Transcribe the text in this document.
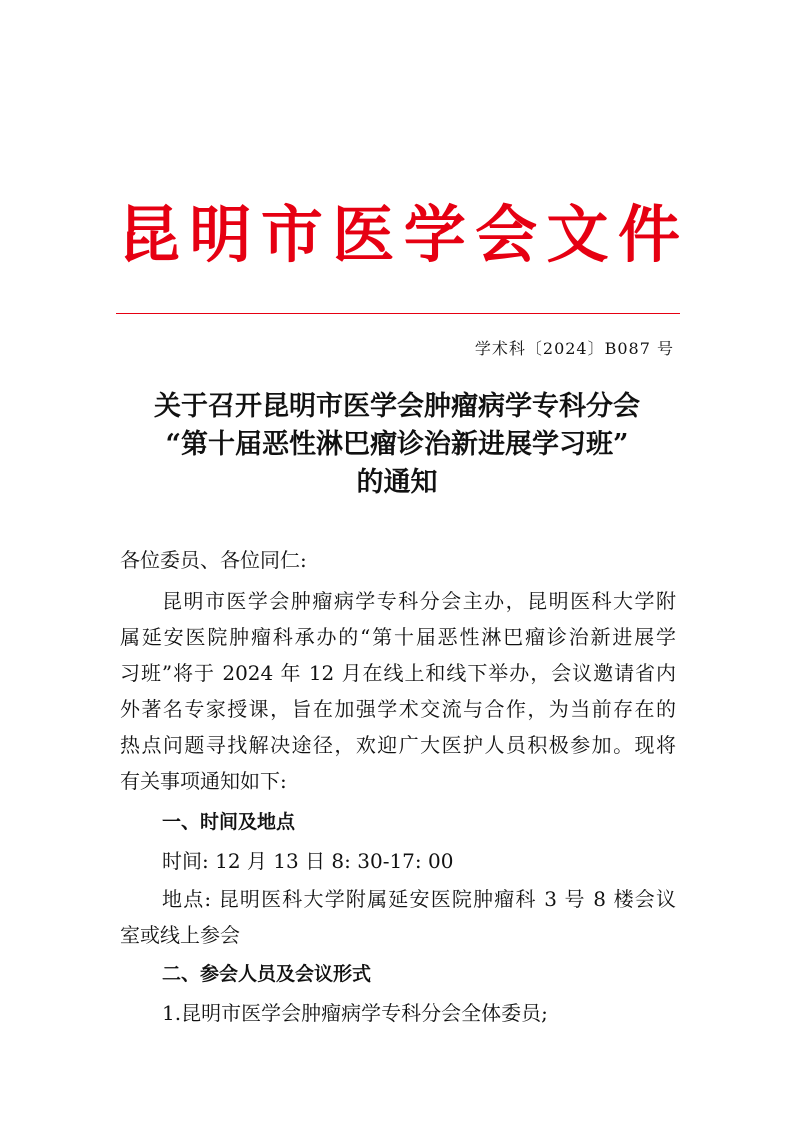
昆 明 市 医 学 会 文 件
学术科〔2024〕B087 号
关于召开昆明市医学会肿瘤病学专科分会
“第十届恶性淋巴瘤诊治新进展学习班”
的通知
各位委员、各位同仁:
昆明市医学会肿瘤病学专科分会主办，昆明医科大学附
属延安医院肿瘤科承办的“第十届恶性淋巴瘤诊治新进展学
习班”将于 2024 年 12 月在线上和线下举办，会议邀请省内
外著名专家授课，旨在加强学术交流与合作，为当前存在的
热点问题寻找解决途径，欢迎广大医护人员积极参加。现将
有关事项通知如下:
一、时间及地点
时间: 12 月 13 日 8: 30-17: 00
地点: 昆明医科大学附属延安医院肿瘤科 3 号 8 楼会议
室或线上参会
二、参会人员及会议形式
1.昆明市医学会肿瘤病学专科分会全体委员;
